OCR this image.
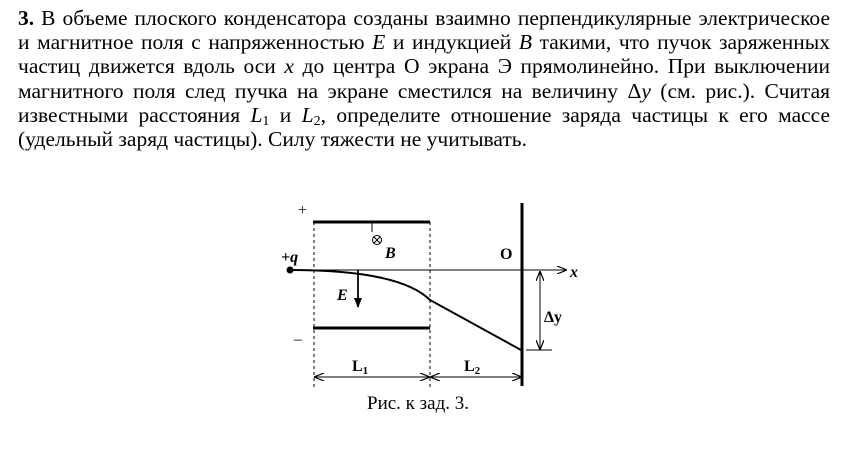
3. В объеме плоского конденсатора созданы взаимно перпендикулярные электрическое и магнитное поля с напряженностью E и индукцией B такими, что пучок заряженных частиц движется вдоль оси x до центра О экрана Э прямолинейно. При выключении магнитного поля след пучка на экране сместился на величину Δy (см. рис.). Считая известными расстояния $L_1$ и $L_2$, определите отношение заряда частицы к его массе (удельный заряд частицы). Силу тяжести не учитывать.
+
–
+q
x
O
B
E
Δy
L1	L2
Рис. к зад. 3.
